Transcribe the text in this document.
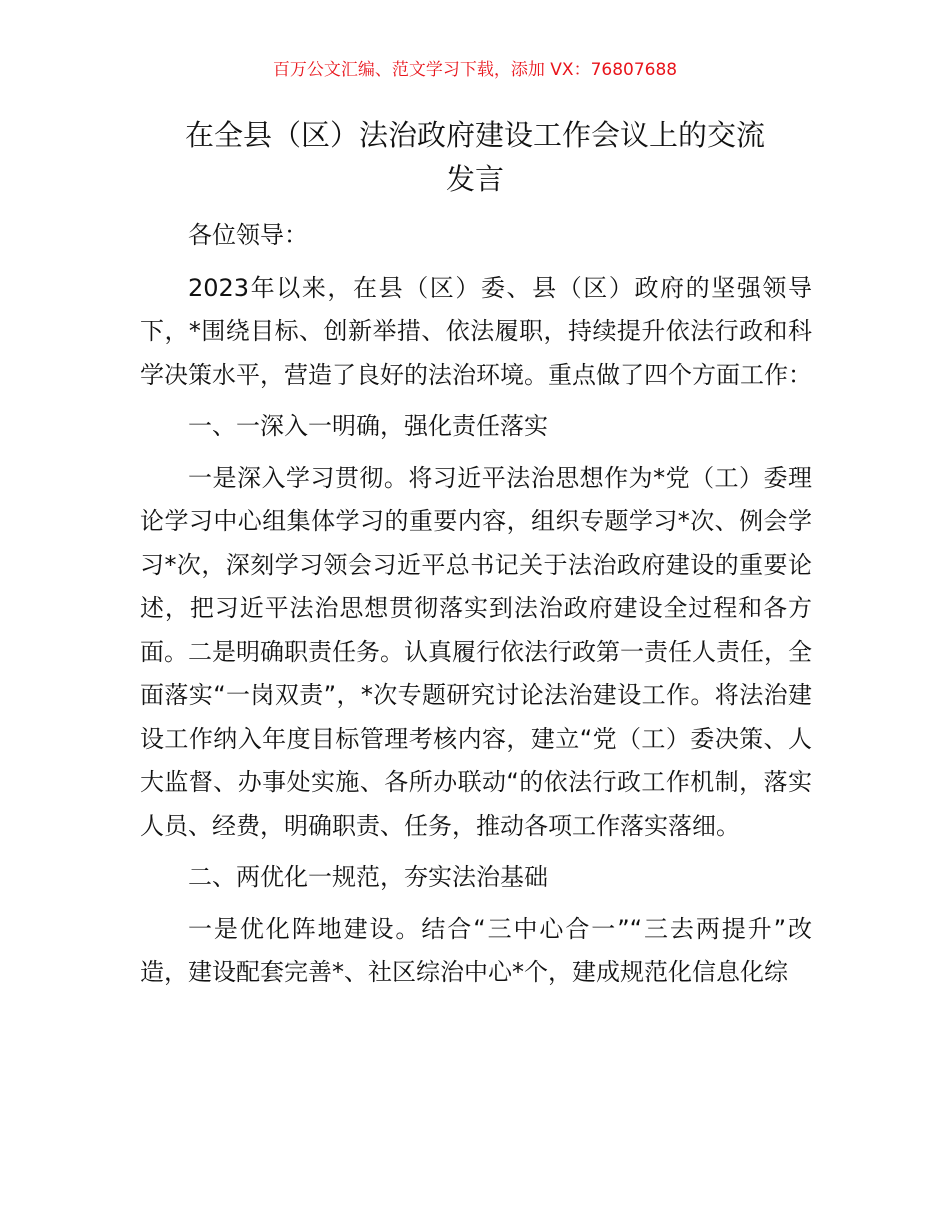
百万公文汇编、范文学习下载，添加 VX：76807688
在全县（区）法治政府建设工作会议上的交流
发言

各位领导：

2023年以来，在县（区）委、县（区）政府的坚强领导下，*围绕目标、创新举措、依法履职，持续提升依法行政和科学决策水平，营造了良好的法治环境。重点做了四个方面工作：

一、一深入一明确，强化责任落实

一是深入学习贯彻。将习近平法治思想作为*党（工）委理论学习中心组集体学习的重要内容，组织专题学习*次、例会学习*次，深刻学习领会习近平总书记关于法治政府建设的重要论述，把习近平法治思想贯彻落实到法治政府建设全过程和各方面。二是明确职责任务。认真履行依法行政第一责任人责任，全面落实“一岗双责”，*次专题研究讨论法治建设工作。将法治建设工作纳入年度目标管理考核内容，建立“党（工）委决策、人大监督、办事处实施、各所办联动“的依法行政工作机制，落实人员、经费，明确职责、任务，推动各项工作落实落细。

二、两优化一规范，夯实法治基础

一是优化阵地建设。结合“三中心合一”“三去两提升”改造，建设配套完善*、社区综治中心*个，建成规范化信息化综
